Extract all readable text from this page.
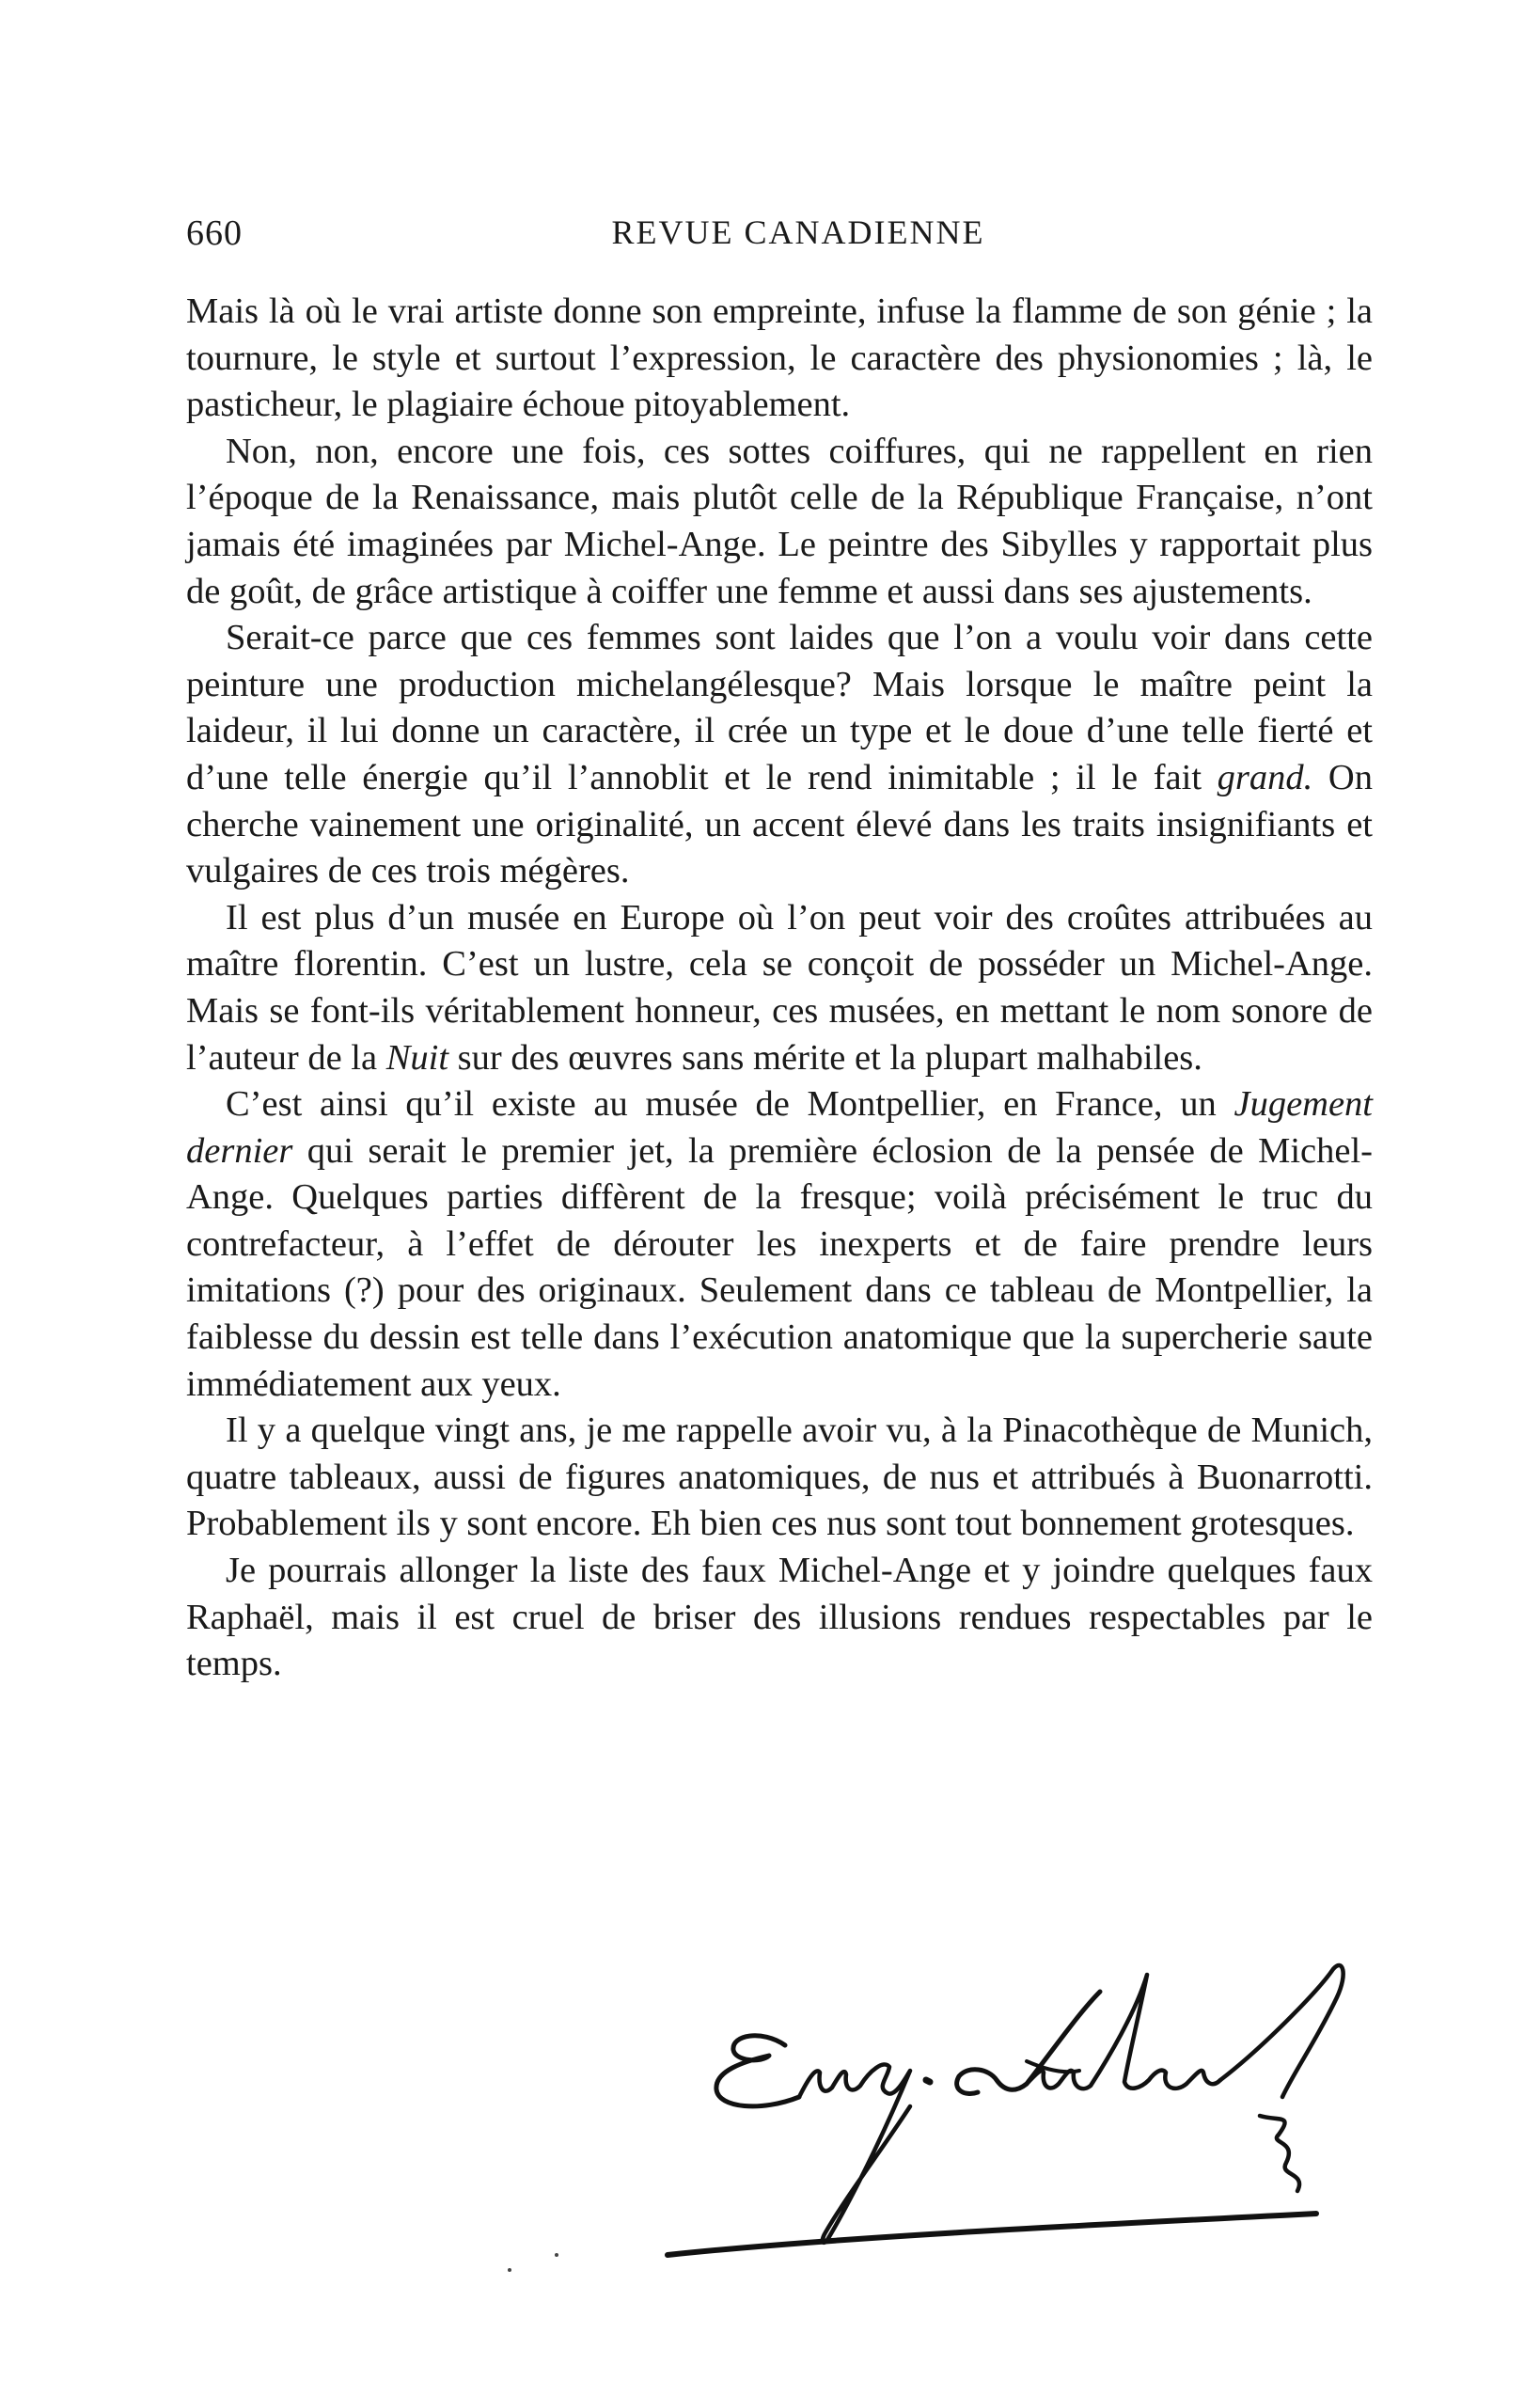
660	REVUE CANADIENNE

Mais là où le vrai artiste donne son empreinte, infuse la flamme de son génie ; la tournure, le style et surtout l’expression, le caractère des physionomies ; là, le pasticheur, le plagiaire échoue pitoyablement.

Non, non, encore une fois, ces sottes coiffures, qui ne rappellent en rien l’époque de la Renaissance, mais plutôt celle de la République Française, n’ont jamais été imaginées par Michel-Ange. Le peintre des Sibylles y rapportait plus de goût, de grâce artistique à coiffer une femme et aussi dans ses ajustements.

Serait-ce parce que ces femmes sont laides que l’on a voulu voir dans cette peinture une production michelangélesque? Mais lorsque le maître peint la laideur, il lui donne un caractère, il crée un type et le doue d’une telle fierté et d’une telle énergie qu’il l’annoblit et le rend inimitable ; il le fait grand. On cherche vainement une originalité, un accent élevé dans les traits insignifiants et vulgaires de ces trois mégères.

Il est plus d’un musée en Europe où l’on peut voir des croûtes attribuées au maître florentin. C’est un lustre, cela se conçoit de posséder un Michel-Ange. Mais se font-ils véritablement honneur, ces musées, en mettant le nom sonore de l’auteur de la Nuit sur des œuvres sans mérite et la plupart malhabiles.

C’est ainsi qu’il existe au musée de Montpellier, en France, un Jugement dernier qui serait le premier jet, la première éclosion de la pensée de Michel-Ange. Quelques parties diffèrent de la fresque; voilà précisément le truc du contrefacteur, à l’effet de dérouter les inexperts et de faire prendre leurs imitations (?) pour des originaux. Seulement dans ce tableau de Montpellier, la faiblesse du dessin est telle dans l’exécution anatomique que la supercherie saute immédiatement aux yeux.

Il y a quelque vingt ans, je me rappelle avoir vu, à la Pinacothèque de Munich, quatre tableaux, aussi de figures anatomiques, de nus et attribués à Buonarrotti. Probablement ils y sont encore. Eh bien ces nus sont tout bonnement grotesques.

Je pourrais allonger la liste des faux Michel-Ange et y joindre quelques faux Raphaël, mais il est cruel de briser des illusions rendues respectables par le temps.
